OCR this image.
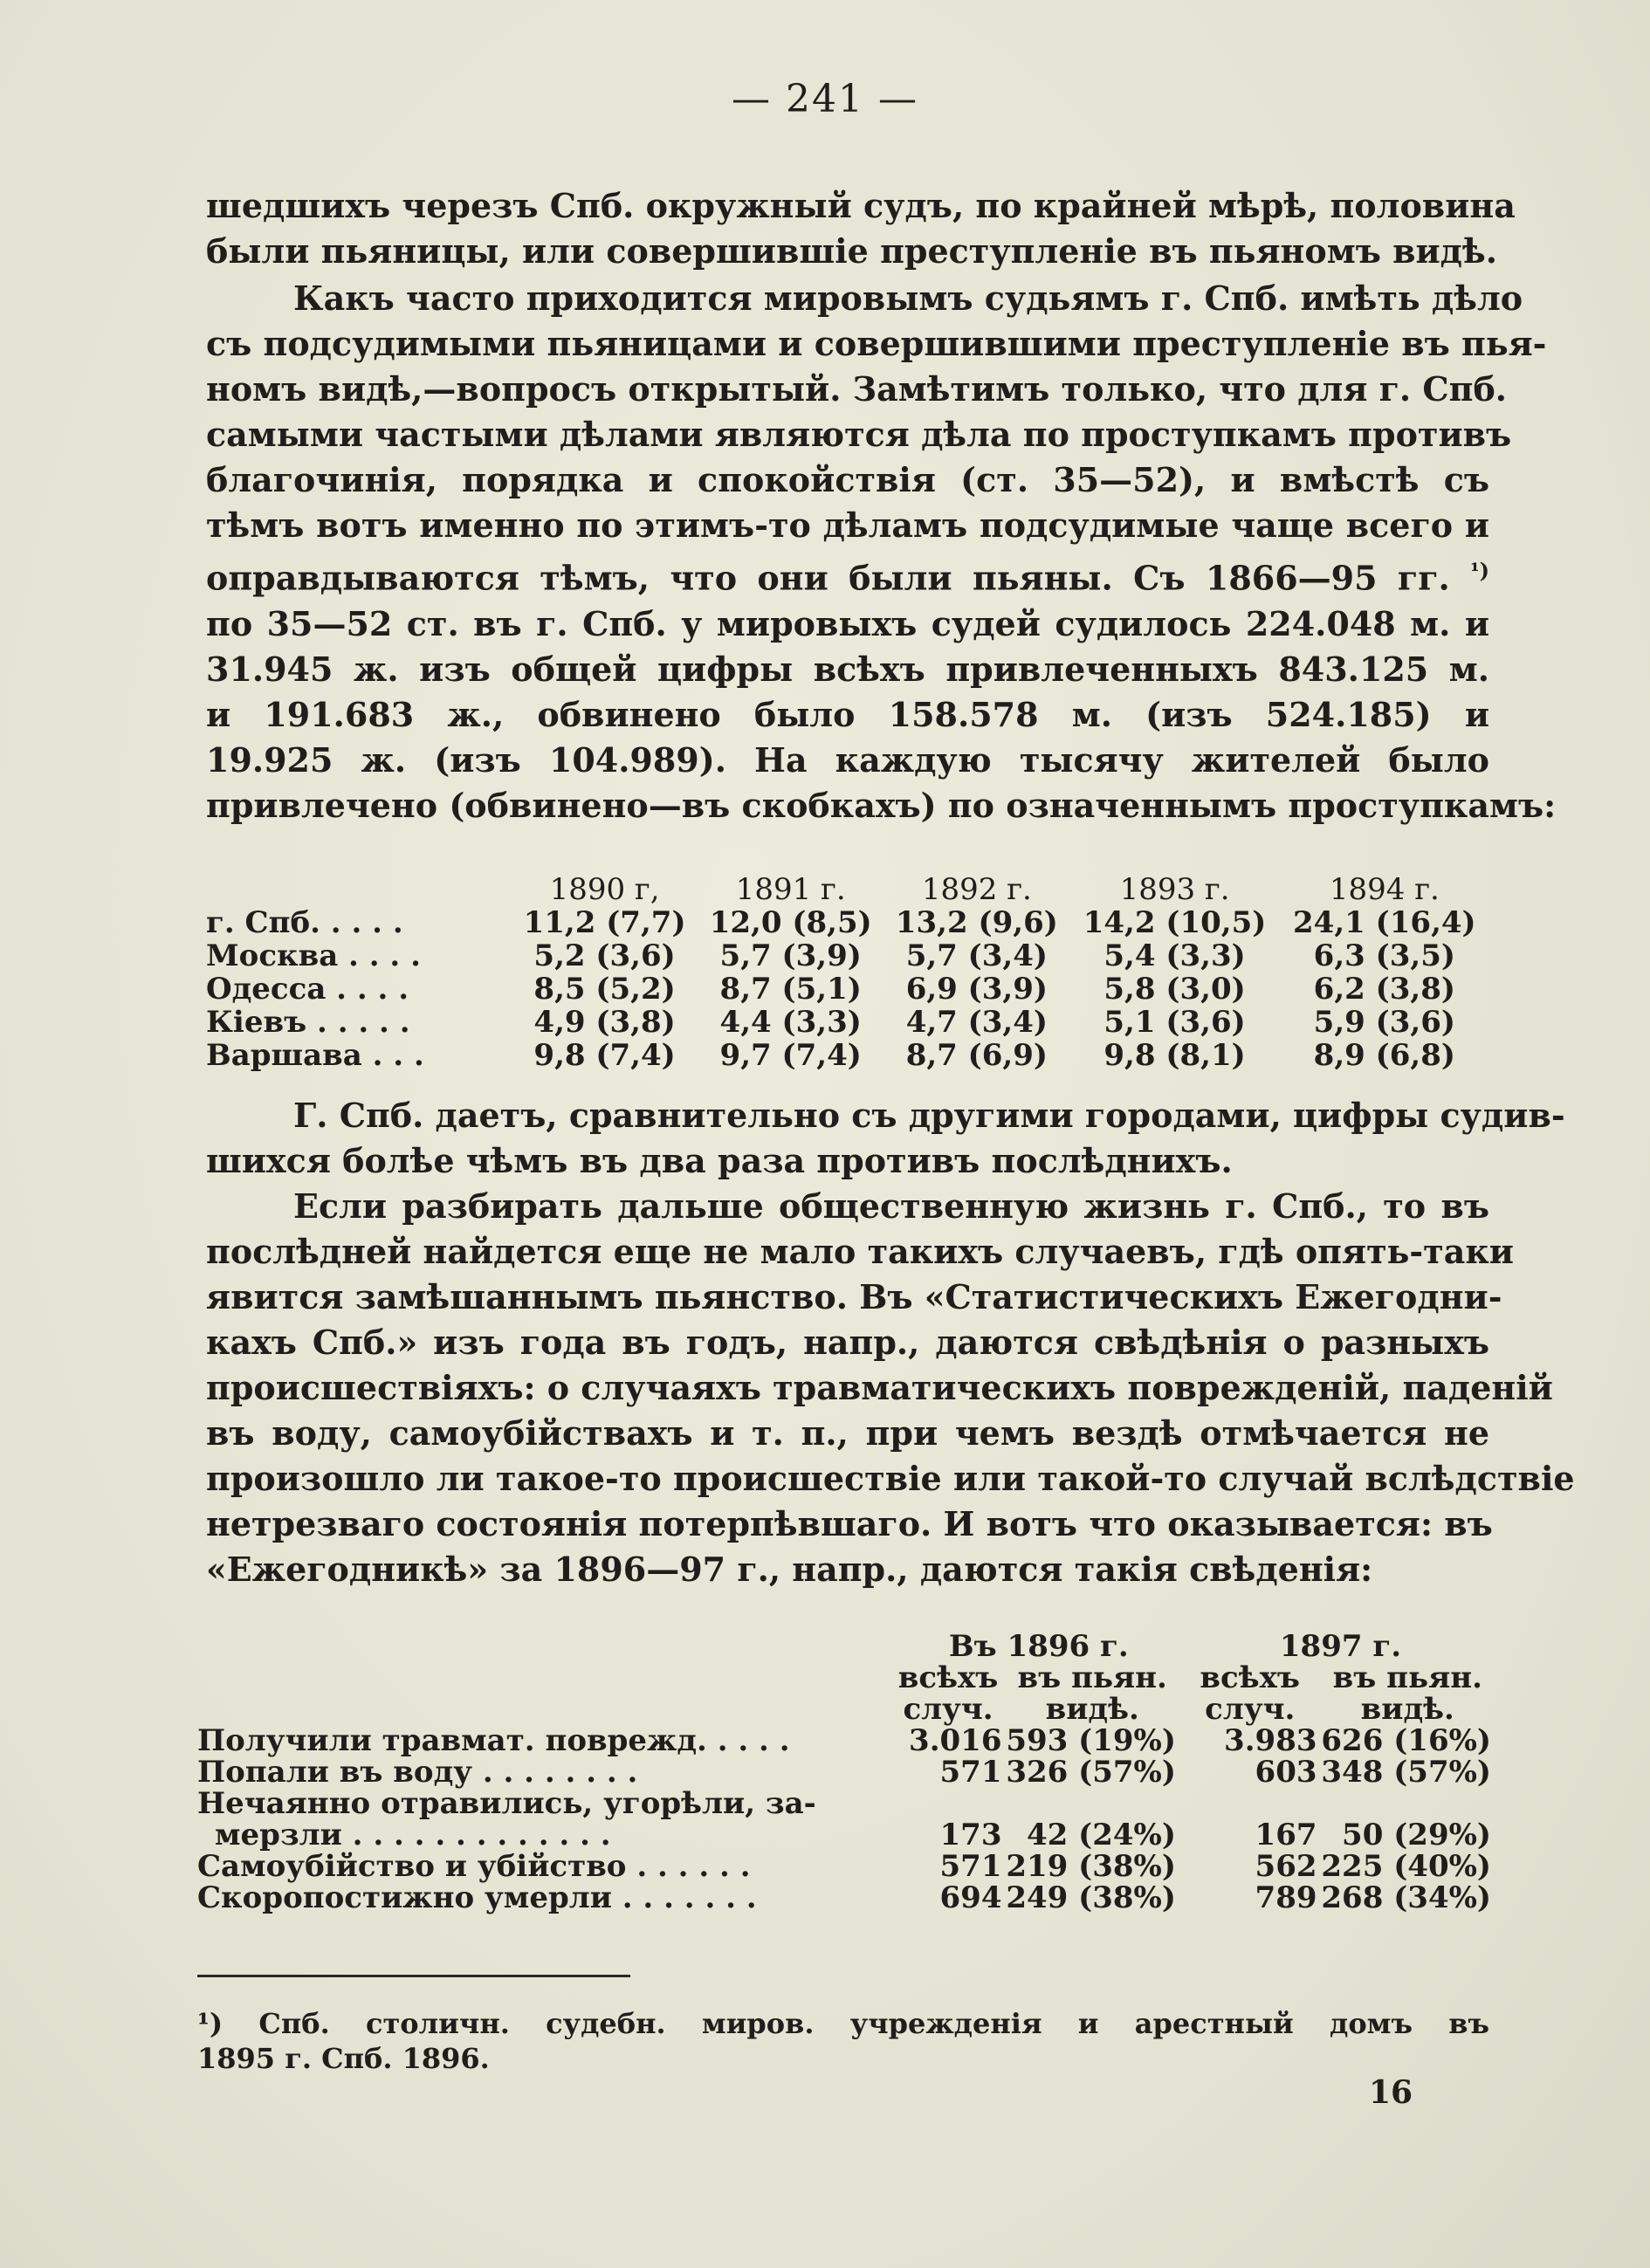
— 241 —

шедшихъ черезъ Спб. окружный судъ, по крайней мѣрѣ, половина
были пьяницы, или совершившіе преступленіе въ пьяномъ видѣ.

Какъ часто приходится мировымъ судьямъ г. Спб. имѣть дѣло
съ подсудимыми пьяницами и совершившими преступленіе въ пья-
номъ видѣ,—вопросъ открытый. Замѣтимъ только, что для г. Спб.
самыми частыми дѣлами являются дѣла по проступкамъ противъ
благочинія, порядка и спокойствія (ст. 35—52), и вмѣстѣ съ
тѣмъ вотъ именно по этимъ-то дѣламъ подсудимые чаще всего и
оправдываются тѣмъ, что они были пьяны. Съ 1866—95 гг. $^{^1)}$
по 35—52 ст. въ г. Спб. у мировыхъ судей судилось 224.048 м. и
31.945 ж. изъ общей цифры всѣхъ привлеченныхъ 843.125 м.
и 191.683 ж., обвинено было 158.578 м. (изъ 524.185) и
19.925 ж. (изъ 104.989). На каждую тысячу жителей было
привлечено (обвинено—въ скобкахъ) по означеннымъ проступкамъ:

	1890 г,	1891 г.	1892 г.	1893 г.	1894 г.
г. Спб. . . . .	11,2 (7,7)	12,0 (8,5)	13,2 (9,6)	14,2 (10,5)	24,1 (16,4)
Москва . . . .	5,2 (3,6)	5,7 (3,9)	5,7 (3,4)	5,4 (3,3)	6,3 (3,5)
Одесса . . . .	8,5 (5,2)	8,7 (5,1)	6,9 (3,9)	5,8 (3,0)	6,2 (3,8)
Кіевъ . . . . .	4,9 (3,8)	4,4 (3,3)	4,7 (3,4)	5,1 (3,6)	5,9 (3,6)
Варшава . . .	9,8 (7,4)	9,7 (7,4)	8,7 (6,9)	9,8 (8,1)	8,9 (6,8)

Г. Спб. даетъ, сравнительно съ другими городами, цифры судив-
шихся болѣе чѣмъ въ два раза противъ послѣднихъ.

Если разбирать дальше общественную жизнь г. Спб., то въ
послѣдней найдется еще не мало такихъ случаевъ, гдѣ опять-таки
явится замѣшаннымъ пьянство. Въ «Статистическихъ Ежегодни-
кахъ Спб.» изъ года въ годъ, напр., даются свѣдѣнія о разныхъ
происшествіяхъ: о случаяхъ травматическихъ поврежденій, паденій
въ воду, самоубійствахъ и т. п., при чемъ вездѣ отмѣчается не
произошло ли такое-то происшествіе или такой-то случай вслѣдствіе
нетрезваго состоянія потерпѣвшаго. И вотъ что оказывается: въ
«Ежегодникѣ» за 1896—97 г., напр., даются такія свѣденія:

	Въ 1896 г.		1897 г.	
	всѣхъ случ.	въ пьян. видѣ.	всѣхъ случ.	въ пьян. видѣ.
Получили травмат. поврежд. . . . .	3.016	593 (19%)	3.983	626 (16%)
Попали въ воду . . . . . . . .	571	326 (57%)	603	348 (57%)
Нечаянно отравились, угорѣли, за-				
мерзли . . . . . . . . . . . . .	173	42 (24%)	167	50 (29%)
Самоубійство и убійство . . . . . .	571	219 (38%)	562	225 (40%)
Скоропостижно умерли . . . . . . .	694	249 (38%)	789	268 (34%)
¹) Спб. столичн. судебн. миров. учрежденія и арестный домъ въ
1895 г. Спб. 1896.
16
